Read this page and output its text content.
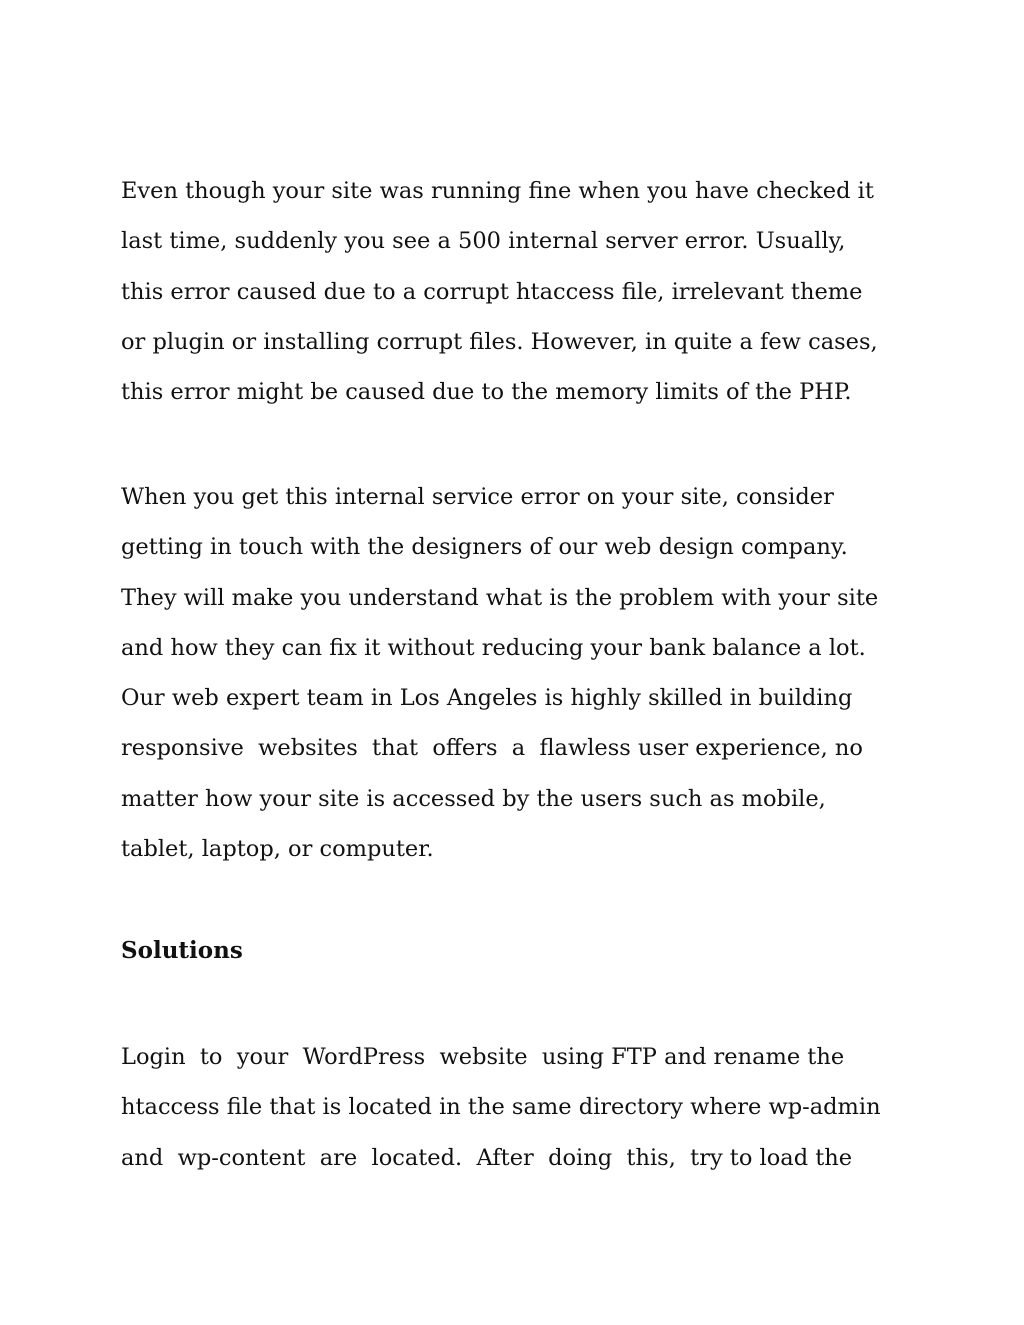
Even though your site was running fine when you have checked it
last time, suddenly you see a 500 internal server error. Usually,
this error caused due to a corrupt htaccess file, irrelevant theme
or plugin or installing corrupt files. However, in quite a few cases,
this error might be caused due to the memory limits of the PHP.

When you get this internal service error on your site, consider
getting in touch with the designers of our web design company.
They will make you understand what is the problem with your site
and how they can fix it without reducing your bank balance a lot.
Our web expert team in Los Angeles is highly skilled in building
responsive  websites  that  offers  a  flawless user experience, no
matter how your site is accessed by the users such as mobile,
tablet, laptop, or computer.

Solutions

Login  to  your  WordPress  website  using FTP and rename the
htaccess file that is located in the same directory where wp-admin
and  wp-content  are  located.  After  doing  this,  try to load the
